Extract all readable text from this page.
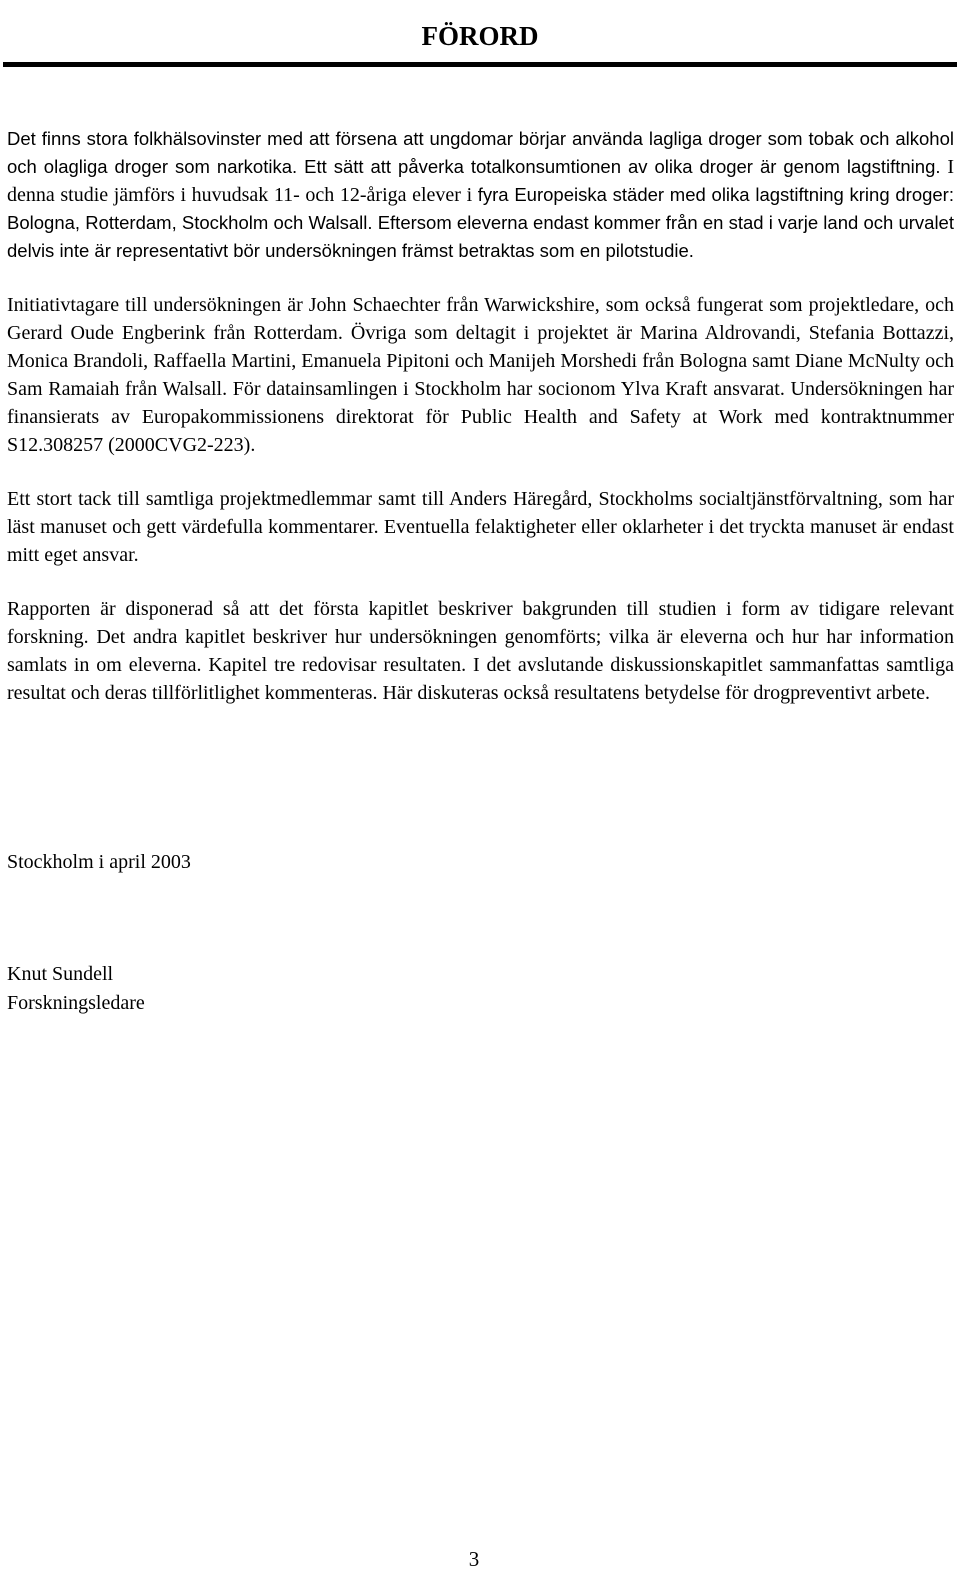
FÖRORD

Det finns stora folkhälsovinster med att försena att ungdomar börjar använda lagliga droger som tobak och alkohol och olagliga droger som narkotika. Ett sätt att påverka totalkonsumtionen av olika droger är genom lagstiftning. I denna studie jämförs i huvudsak 11- och 12-åriga elever i fyra Europeiska städer med olika lagstiftning kring droger: Bologna, Rotterdam, Stockholm och Walsall. Eftersom eleverna endast kommer från en stad i varje land och urvalet delvis inte är representativt bör undersökningen främst betraktas som en pilotstudie.

Initiativtagare till undersökningen är John Schaechter från Warwickshire, som också fungerat som projektledare, och Gerard Oude Engberink från Rotterdam. Övriga som deltagit i projektet är Marina Aldrovandi, Stefania Bottazzi, Monica Brandoli, Raffaella Martini, Emanuela Pipitoni och Manijeh Morshedi från Bologna samt Diane McNulty och Sam Ramaiah från Walsall. För datainsamlingen i Stockholm har socionom Ylva Kraft ansvarat. Undersökningen har finansierats av Europakommissionens direktorat för Public Health and Safety at Work med kontraktnummer S12.308257 (2000CVG2-223).

Ett stort tack till samtliga projektmedlemmar samt till Anders Häregård, Stockholms socialtjänstförvaltning, som har läst manuset och gett värdefulla kommentarer. Eventuella felaktigheter eller oklarheter i det tryckta manuset är endast mitt eget ansvar.

Rapporten är disponerad så att det första kapitlet beskriver bakgrunden till studien i form av tidigare relevant forskning. Det andra kapitlet beskriver hur undersökningen genomförts; vilka är eleverna och hur har information samlats in om eleverna. Kapitel tre redovisar resultaten. I det avslutande diskussionskapitlet sammanfattas samtliga resultat och deras tillförlitlighet kommenteras. Här diskuteras också resultatens betydelse för drogpreventivt arbete.

Stockholm i april 2003
Knut Sundell
Forskningsledare
3
